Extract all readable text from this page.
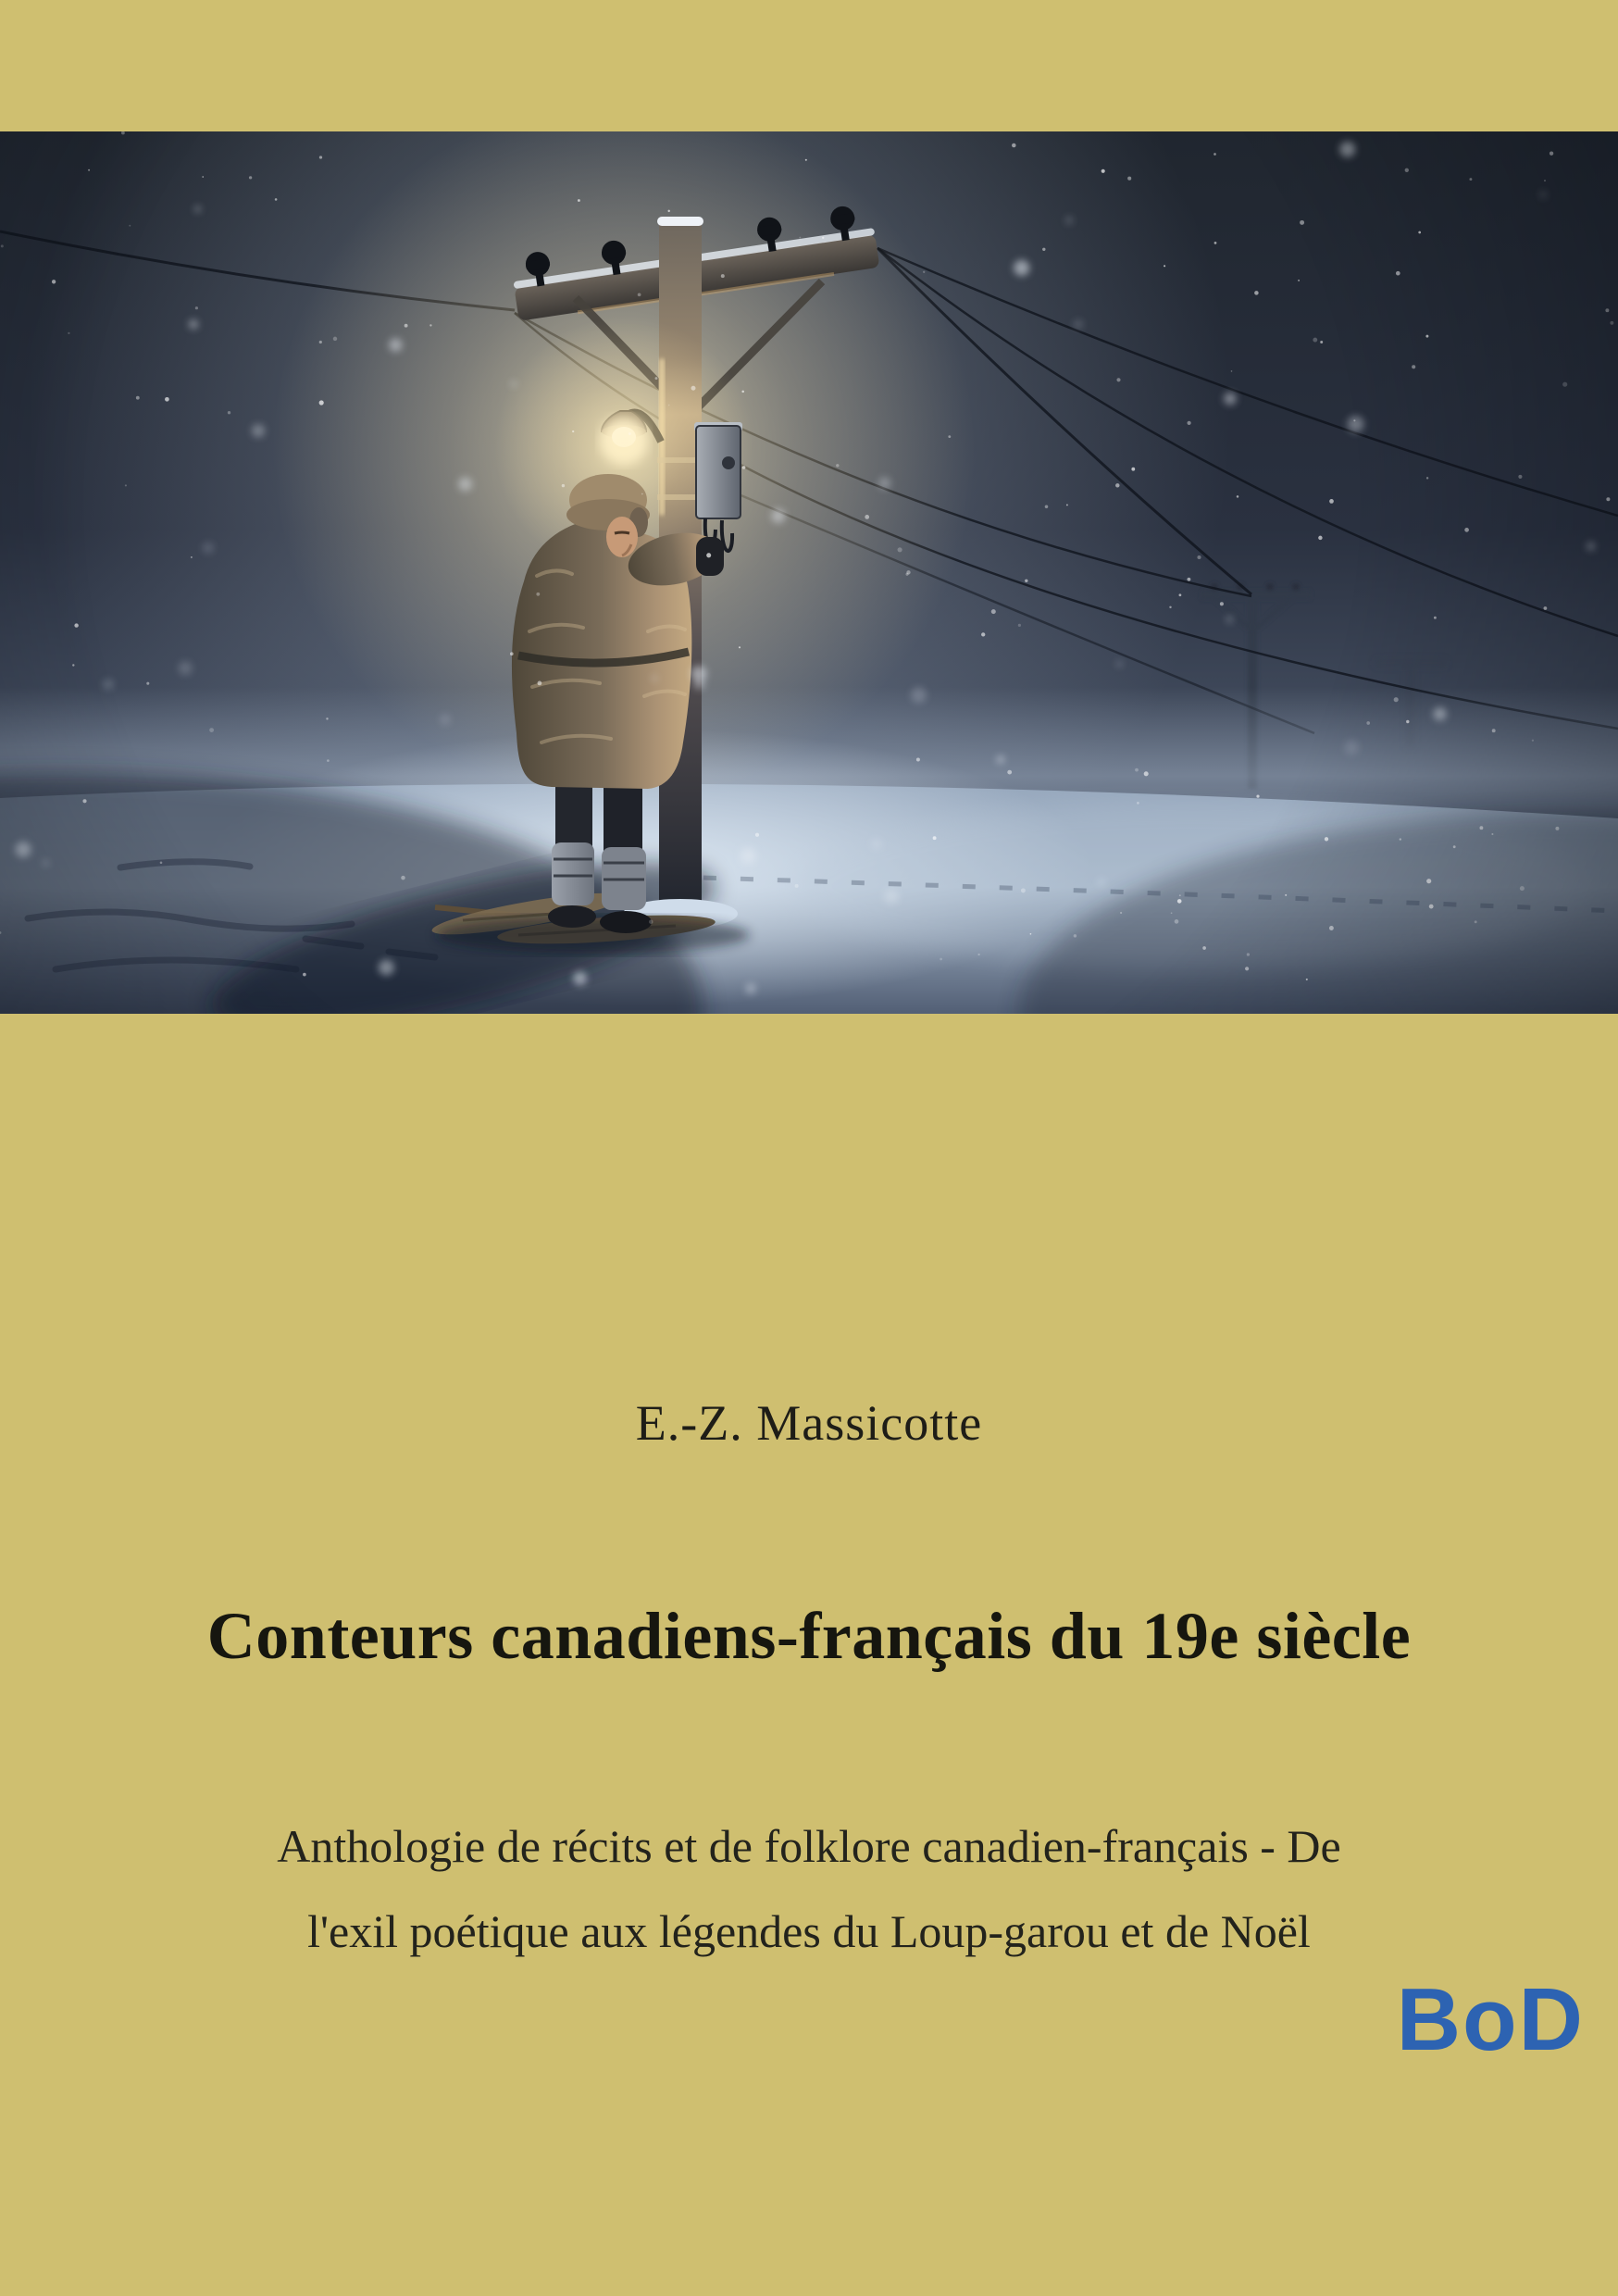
E.-Z. Massicotte
Conteurs canadiens-français du 19e siècle
Anthologie de récits et de folklore canadien-français - De
l'exil poétique aux légendes du Loup-garou et de Noël
BoD
